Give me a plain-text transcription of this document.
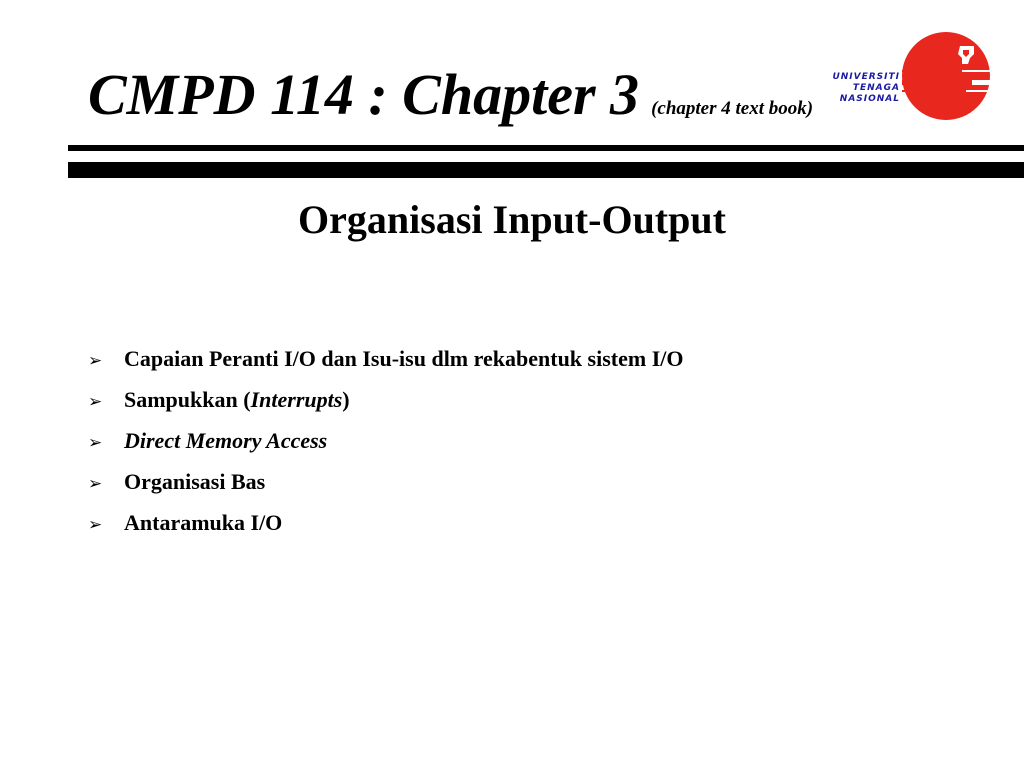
CMPD 114 : Chapter 3 (chapter 4 text book)
UNIVERSITI
TENAGA
NASIONAL
Organisasi Input-Output
➢ Capaian Peranti I/O dan Isu-isu dlm rekabentuk sistem I/O
➢ Sampukkan (Interrupts)
➢ Direct Memory Access
➢ Organisasi Bas
➢ Antaramuka I/O
